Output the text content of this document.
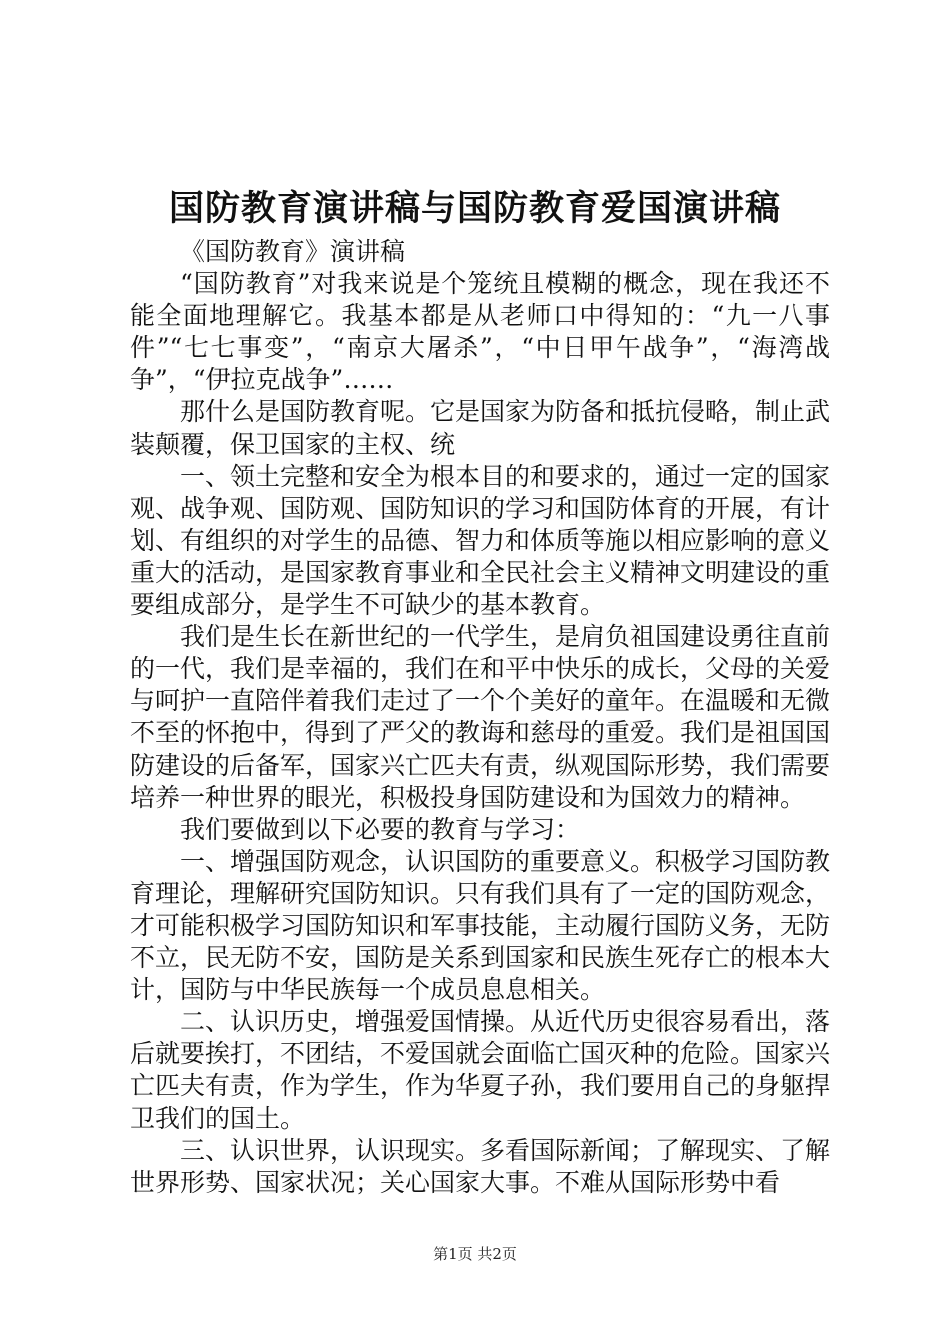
国防教育演讲稿与国防教育爱国演讲稿

《国防教育》演讲稿

“国防教育”对我来说是个笼统且模糊的概念，现在我还不能全面地理解它。我基本都是从老师口中得知的：“九一八事件”“七七事变”，“南京大屠杀”，“中日甲午战争”，“海湾战争”，“伊拉克战争”……

那什么是国防教育呢。它是国家为防备和抵抗侵略，制止武装颠覆，保卫国家的主权、统

一、领土完整和安全为根本目的和要求的，通过一定的国家观、战争观、国防观、国防知识的学习和国防体育的开展，有计划、有组织的对学生的品德、智力和体质等施以相应影响的意义重大的活动，是国家教育事业和全民社会主义精神文明建设的重要组成部分，是学生不可缺少的基本教育。

我们是生长在新世纪的一代学生，是肩负祖国建设勇往直前的一代，我们是幸福的，我们在和平中快乐的成长，父母的关爱与呵护一直陪伴着我们走过了一个个美好的童年。在温暖和无微不至的怀抱中，得到了严父的教诲和慈母的重爱。我们是祖国国防建设的后备军，国家兴亡匹夫有责，纵观国际形势，我们需要培养一种世界的眼光，积极投身国防建设和为国效力的精神。

我们要做到以下必要的教育与学习：

一、增强国防观念，认识国防的重要意义。积极学习国防教育理论，理解研究国防知识。只有我们具有了一定的国防观念，才可能积极学习国防知识和军事技能，主动履行国防义务，无防不立，民无防不安，国防是关系到国家和民族生死存亡的根本大计，国防与中华民族每一个成员息息相关。

二、认识历史，增强爱国情操。从近代历史很容易看出，落后就要挨打，不团结，不爱国就会面临亡国灭种的危险。国家兴亡匹夫有责，作为学生，作为华夏子孙，我们要用自己的身躯捍卫我们的国土。

三、认识世界，认识现实。多看国际新闻；了解现实、了解世界形势、国家状况；关心国家大事。不难从国际形势中看

第1页 共2页
